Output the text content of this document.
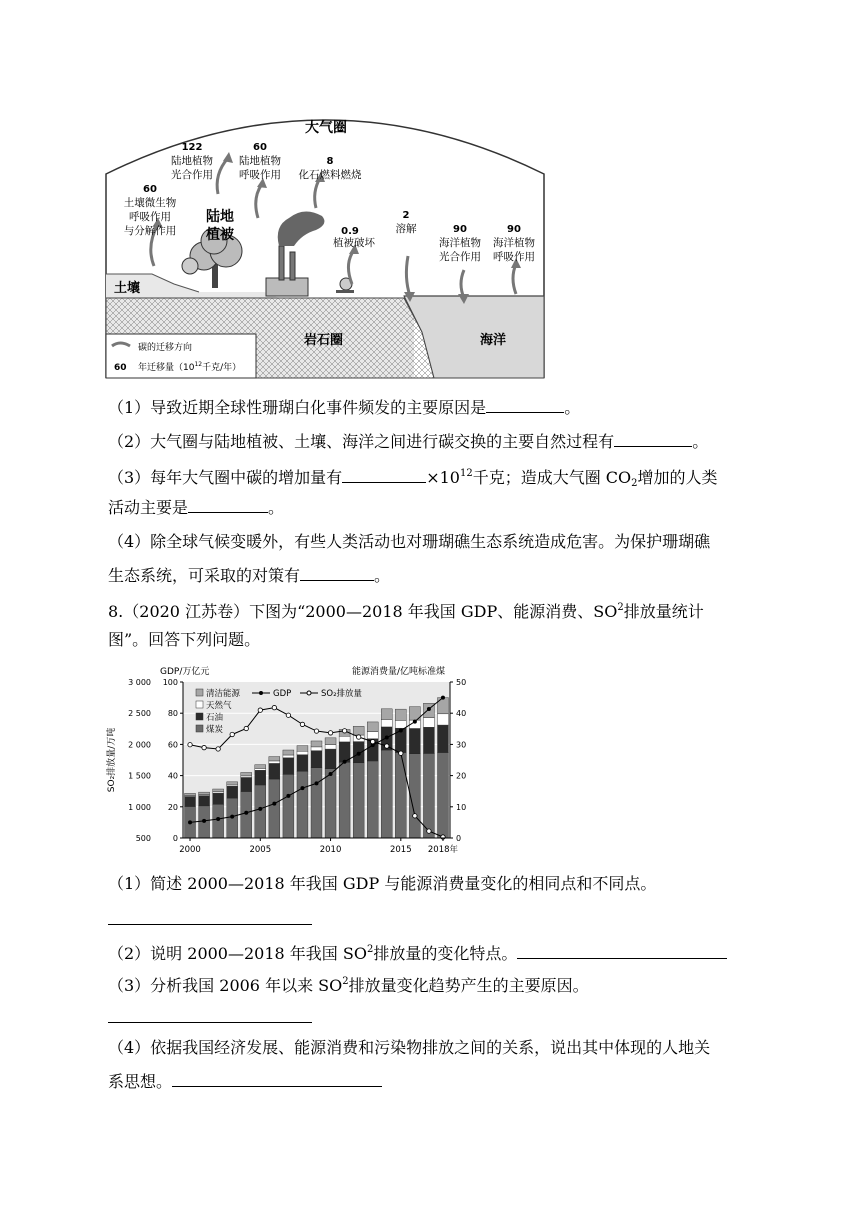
大气圈
60
土壤微生物
呼吸作用
与分解作用
122
陆地植物
光合作用
60
陆地植物
呼吸作用
8
化石燃料燃烧
0.9
植被破坏
2
溶解	90
海洋植物
光合作用
90
海洋植物
呼吸作用
陆地植被
土壤
岩石圈	海洋
碳的迁移方向
60 年迁移量（$10^{12}$千克/年）
（1）导致近期全球性珊瑚白化事件频发的主要原因是	。
（2）大气圈与陆地植被、土壤、海洋之间进行碳交换的主要自然过程有	。
（3）每年大气圈中碳的增加量有	$\times 10^{12}$千克；造成大气圈 $CO_2$增加的人类
活动主要是	。
（4）除全球气候变暖外，有些人类活动也对珊瑚礁生态系统造成危害。为保护珊瑚礁
生态系统，可采取的对策有	。
8.（2020 江苏卷）下图为“2000—2018 年我国 GDP、能源消费、$SO^2$排放量统计
图”。回答下列问题。
0
20
40
60
80
100
500
1 000
1 500
2 000
2 500
3 000
0
10
20
30
40
50
2000	2005	2010	2015 2018年
GDP/万亿元	能源消费量/亿吨标准煤
SO₂排放量/万吨
清洁能源	GDP	SO₂排放量
天然气
石油
煤炭
（1）简述 2000—2018 年我国 GDP 与能源消费量变化的相同点和不同点。
（2）说明 2000—2018 年我国 $SO^2$排放量的变化特点。
（3）分析我国 2006 年以来 $SO^2$排放量变化趋势产生的主要原因。
（4）依据我国经济发展、能源消费和污染物排放之间的关系，说出其中体现的人地关
系思想。
